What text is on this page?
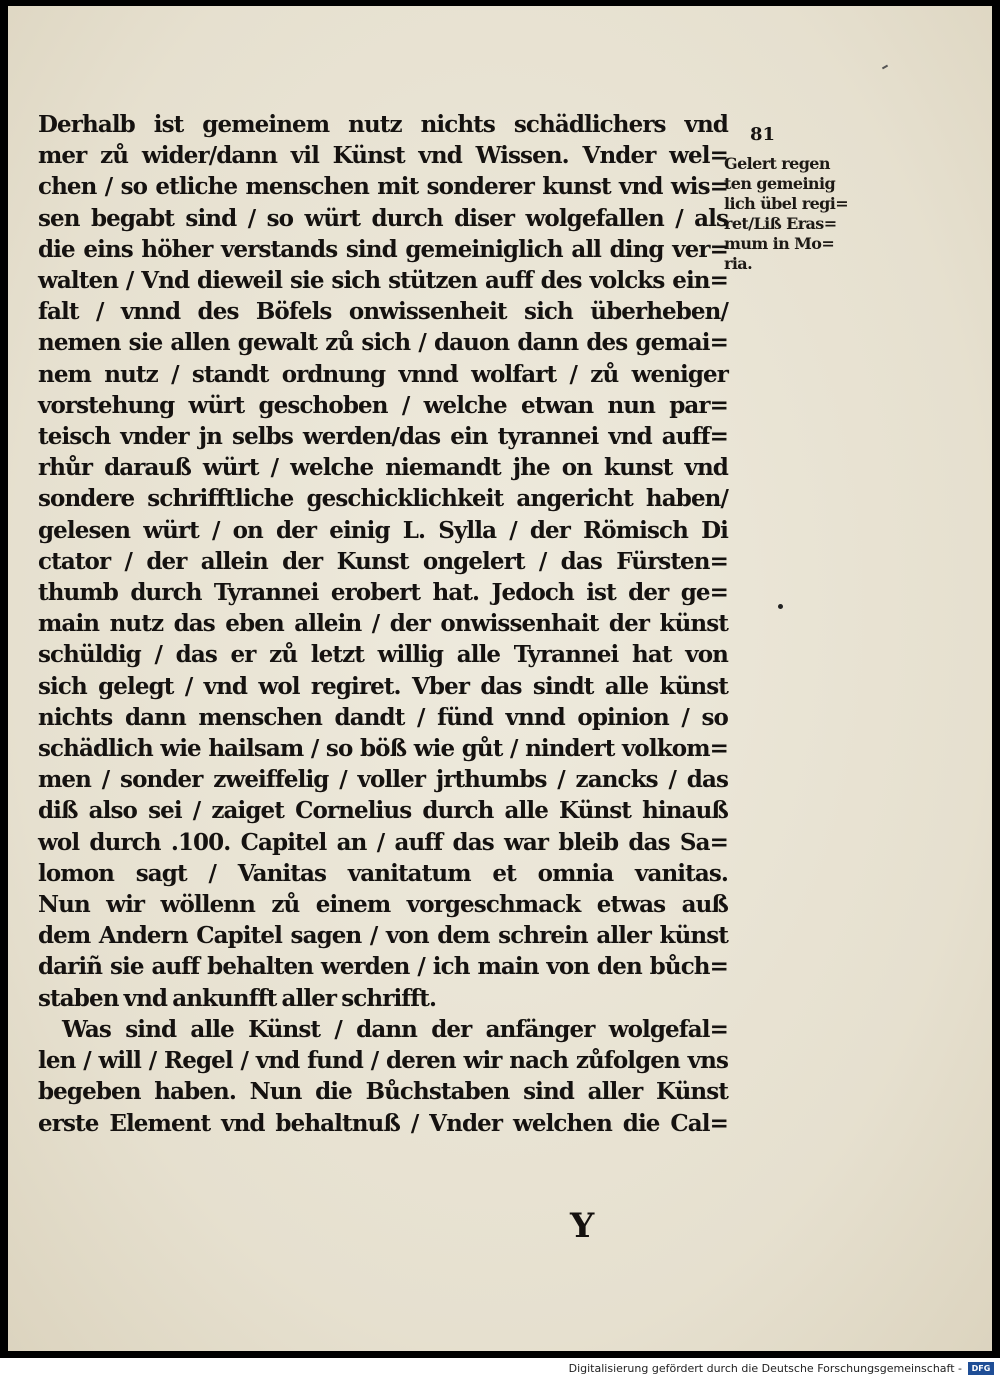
81
Gelert regen
ten gemeinig
lich übel regi=
ret/Liß Eras=
mum in Mo=
ria.
Derhalb ist gemeinem nutz nichts schädlichers vnd
mer zů wider/dann vil Künst vnd Wissen. Vnder wel=
chen / so etliche menschen mit sonderer kunst vnd wis=
sen begabt sind / so würt durch diser wolgefallen / als
die eins höher verstands sind gemeiniglich all ding ver=
walten / Vnd dieweil sie sich stützen auff des volcks ein=
falt / vnnd des Böfels onwissenheit sich überheben/
nemen sie allen gewalt zů sich / dauon dann des gemai=
nem nutz / standt ordnung vnnd wolfart / zů weniger
vorstehung würt geschoben / welche etwan nun par=
teisch vnder jn selbs werden/das ein tyrannei vnd auff=
rhůr darauß würt / welche niemandt jhe on kunst vnd
sondere schrifftliche geschicklichkeit angericht haben/
gelesen würt / on der einig L. Sylla / der Römisch Di
ctator / der allein der Kunst ongelert / das Fürsten=
thumb durch Tyrannei erobert hat. Jedoch ist der ge=
main nutz das eben allein / der onwissenhait der künst
schüldig / das er zů letzt willig alle Tyrannei hat von
sich gelegt / vnd wol regiret. Vber das sindt alle künst
nichts dann menschen dandt / fünd vnnd opinion / so
schädlich wie hailsam / so böß wie gůt / nindert volkom=
men / sonder zweiffelig / voller jrthumbs / zancks / das
diß also sei / zaiget Cornelius durch alle Künst hinauß
wol durch .100. Capitel an / auff das war bleib das Sa=
lomon sagt / Vanitas vanitatum et omnia vanitas.
Nun wir wöllenn zů einem vorgeschmack etwas auß
dem Andern Capitel sagen / von dem schrein aller künst
dariñ sie auff behalten werden / ich main von den bůch=
staben vnd ankunfft aller schrifft.
Was sind alle Künst / dann der anfänger wolgefal=
len / will / Regel / vnd fund / deren wir nach zůfolgen vns
begeben haben. Nun die Bůchstaben sind aller Künst
erste Element vnd behaltnuß / Vnder welchen die Cal=
Y
Digitalisierung gefördert durch die Deutsche Forschungsgemeinschaft -	DFG
